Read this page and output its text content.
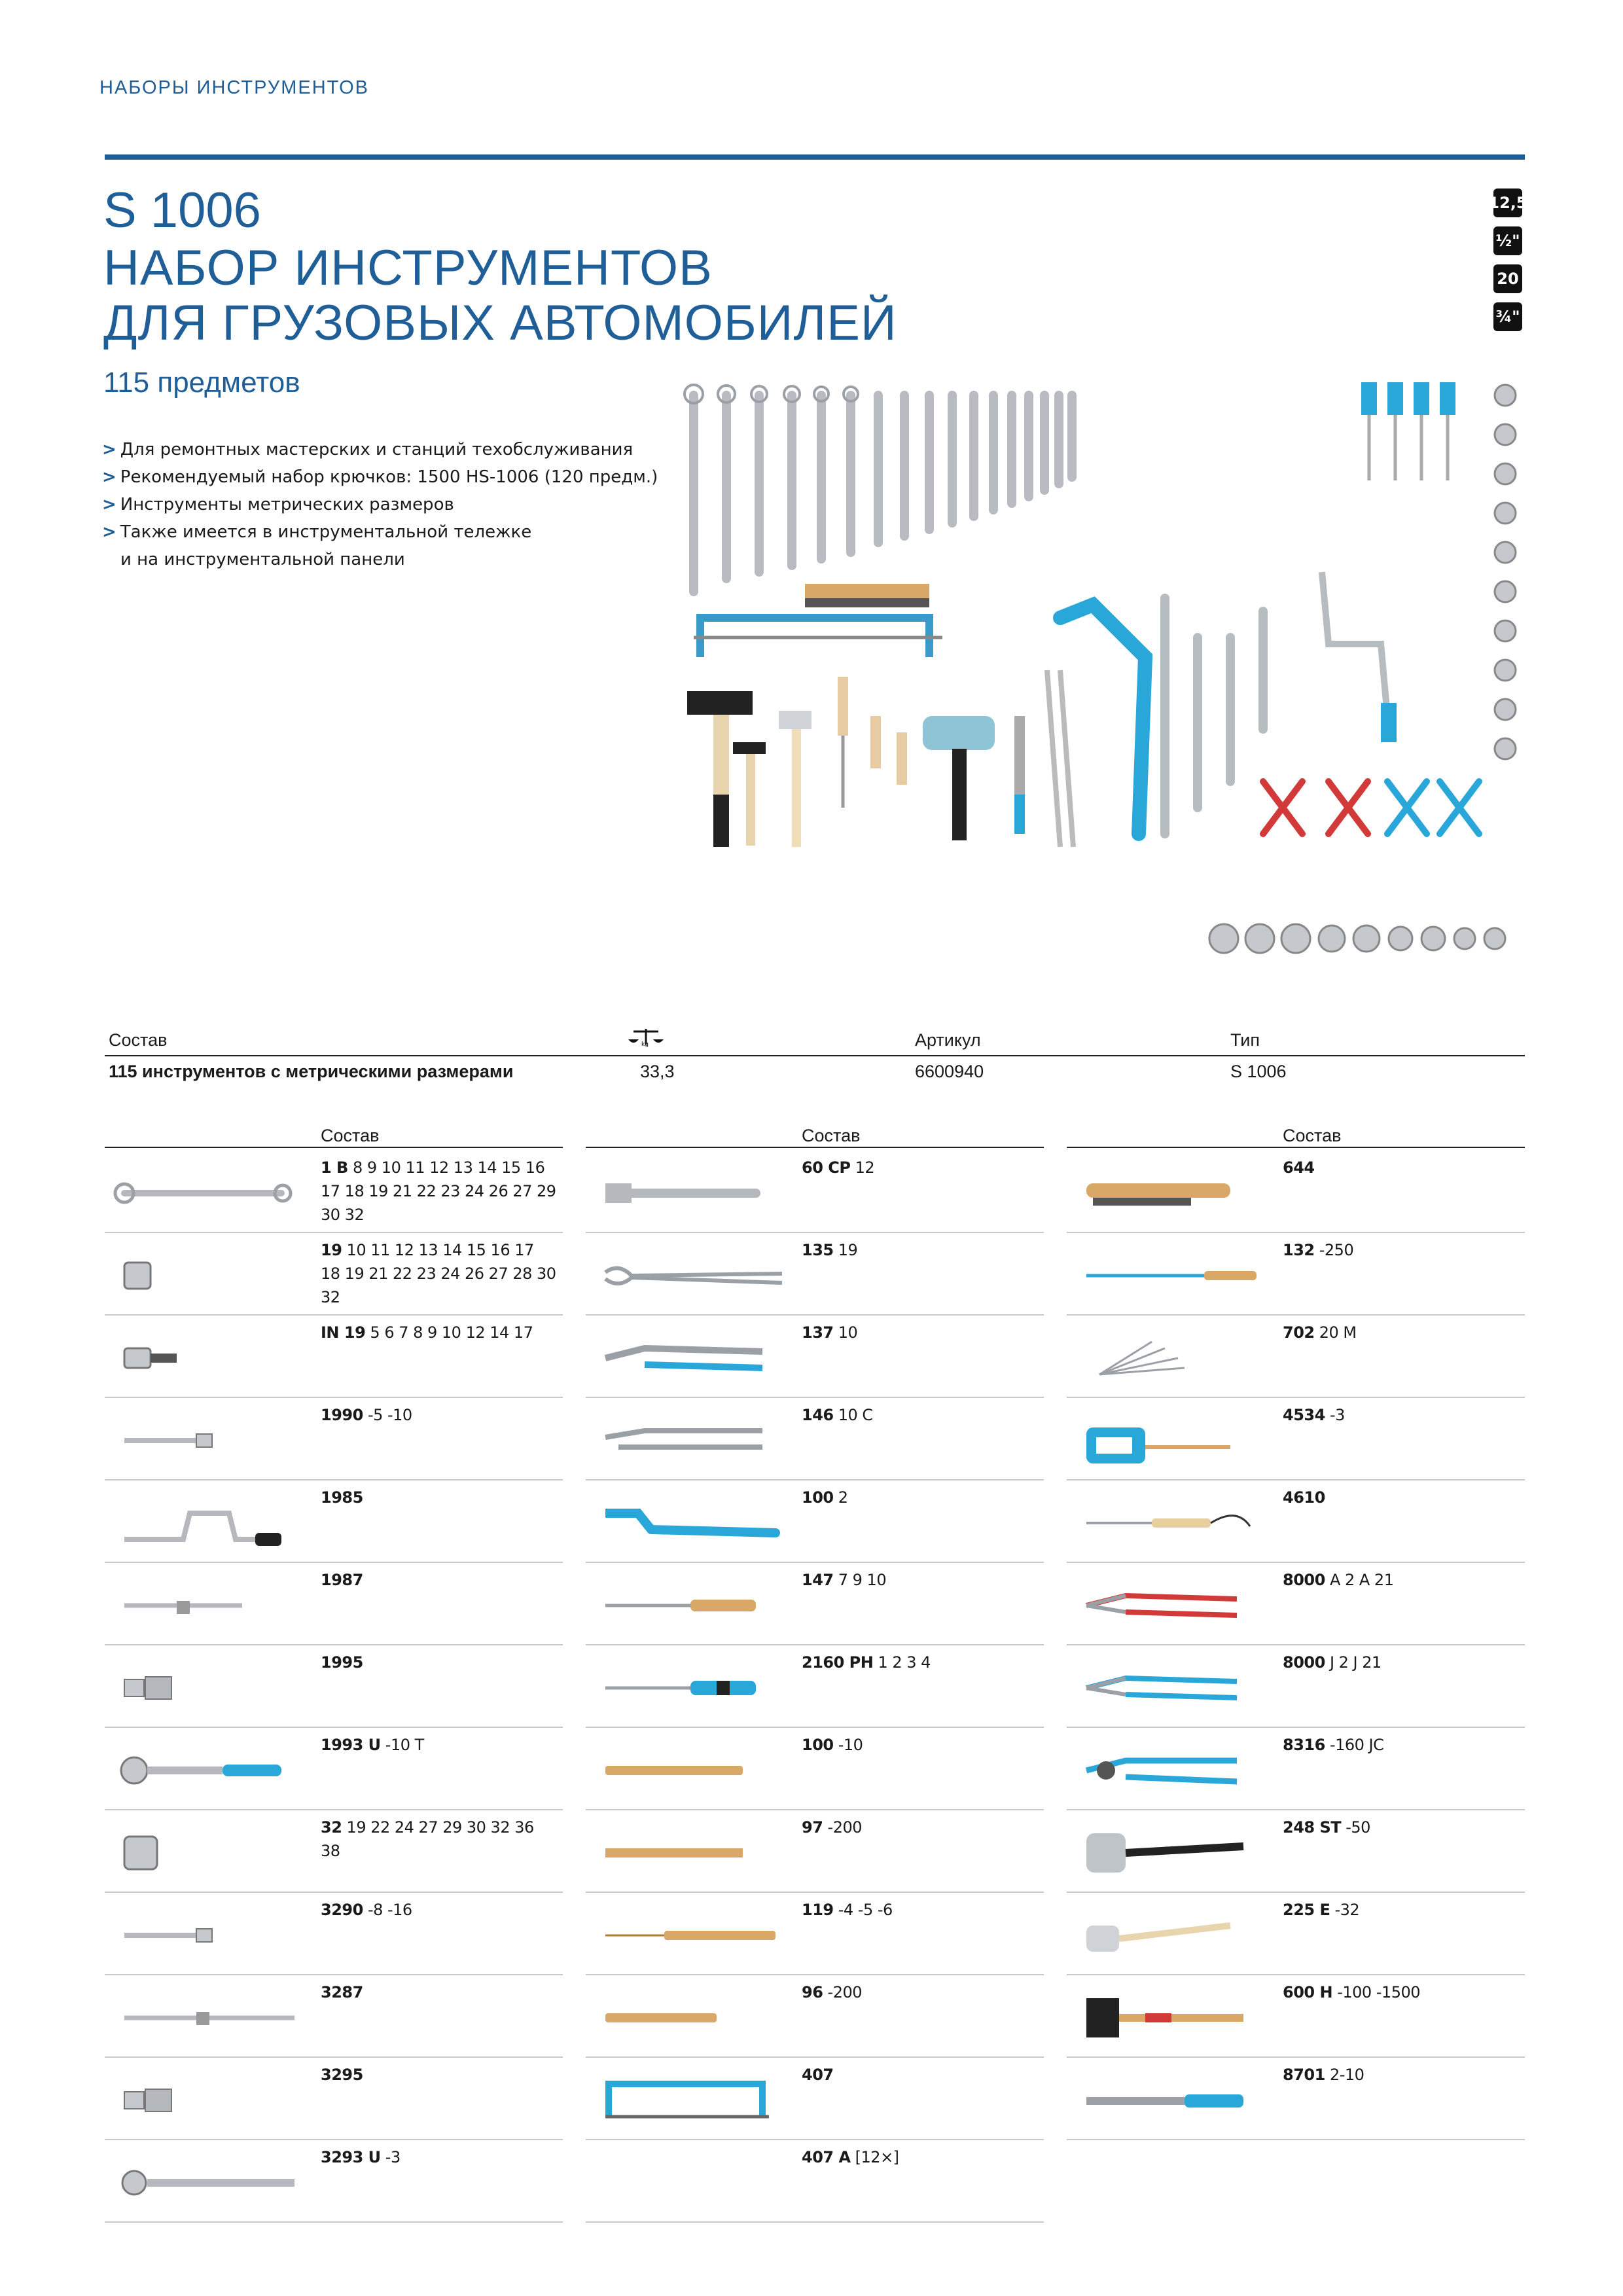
НАБОРЫ ИНСТРУМЕНТОВ
S 1006
НАБОР ИНСТРУМЕНТОВ
ДЛЯ ГРУЗОВЫХ АВТОМОБИЛЕЙ
115 предметов
12,5
½"
20
¾"
> Для ремонтных мастерских и станций техобслуживания
> Рекомендуемый набор крючков: 1500 HS-1006 (120 предм.)
> Инструменты метрических размеров
> Также имеется в инструментальной тележке
и на инструментальной панели
Состав	kg	Артикул	Тип
115 инструментов с метрическими размерами	33,3	6600940	S 1006
Состав
1 B 8 9 10 11 12 13 14 15 16 17 18 19 21 22 23 24 26 27 29 30 32
19 10 11 12 13 14 15 16 17 18 19 21 22 23 24 26 27 28 30 32
IN 19 5 6 7 8 9 10 12 14 17
1990 -5 -10
1985
1987
1995
1993 U -10 T
32 19 22 24 27 29 30 32 36 38
3290 -8 -16
3287
3295
3293 U -3
Состав
60 CP 12
135 19
137 10
146 10 C
100 2
147 7 9 10
2160 PH 1 2 3 4
100 -10
97 -200
119 -4 -5 -6
96 -200
407
407 A [12×]
Состав
644
132 -250
702 20 M
4534 -3
4610
8000 A 2 A 21
8000 J 2 J 21
8316 -160 JC
248 ST -50
225 E -32
600 H -100 -1500
8701 2-10
